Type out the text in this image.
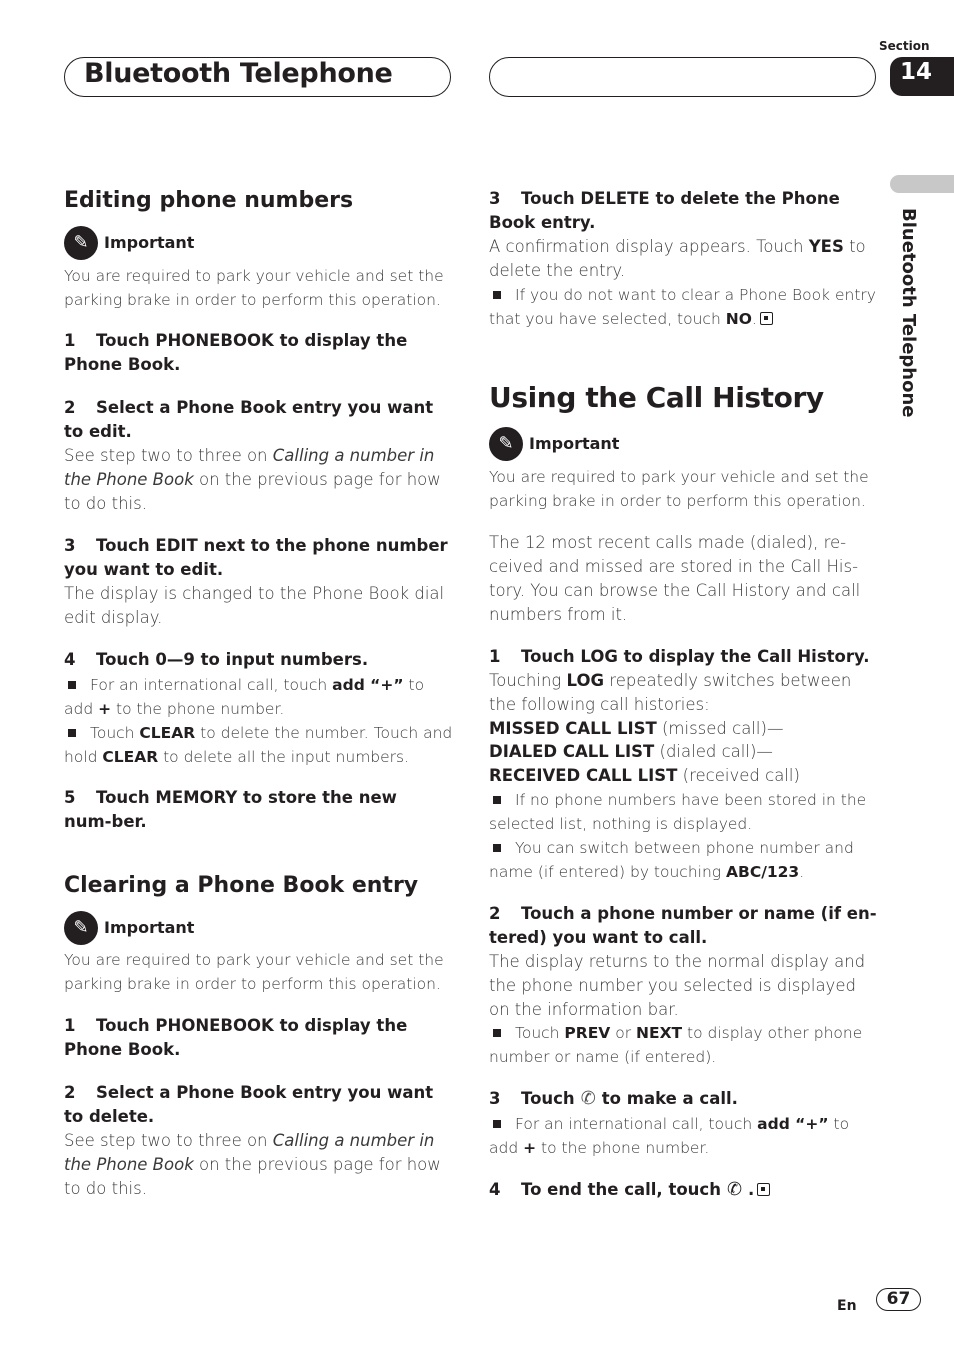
Bluetooth Telephone
Section
14
Bluetooth Telephone
Editing phone numbers
✎ Important

You are required to park your vehicle and set the parking brake in order to perform this operation.

1 Touch PHONEBOOK to display the Phone Book.

2 Select a Phone Book entry you want to edit.

See step two to three on Calling a number in the Phone Book on the previous page for how to do this.

3 Touch EDIT next to the phone number you want to edit.

The display is changed to the Phone Book dial edit display.

4 Touch 0—9 to input numbers.

For an international call, touch add “+” to add + to the phone number.

Touch CLEAR to delete the number. Touch and hold CLEAR to delete all the input numbers.

5 Touch MEMORY to store the new num-ber.

Clearing a Phone Book entry
✎ Important

You are required to park your vehicle and set the parking brake in order to perform this operation.

1 Touch PHONEBOOK to display the Phone Book.

2 Select a Phone Book entry you want to delete.

See step two to three on Calling a number in the Phone Book on the previous page for how to do this.

3 Touch DELETE to delete the Phone Book entry.

A confirmation display appears. Touch YES to delete the entry.

If you do not want to clear a Phone Book entry that you have selected, touch NO.

Using the Call History
✎ Important

You are required to park your vehicle and set the parking brake in order to perform this operation.

The 12 most recent calls made (dialed), re-ceived and missed are stored in the Call His-tory. You can browse the Call History and call numbers from it.

1 Touch LOG to display the Call History.

Touching LOG repeatedly switches between the following call histories:

MISSED CALL LIST (missed call)—

DIALED CALL LIST (dialed call)—

RECEIVED CALL LIST (received call)

If no phone numbers have been stored in the selected list, nothing is displayed.

You can switch between phone number and name (if entered) by touching ABC/123.

2 Touch a phone number or name (if en-tered) you want to call.

The display returns to the normal display and the phone number you selected is displayed on the information bar.

Touch PREV or NEXT to display other phone number or name (if entered).

3 Touch ✆ to make a call.

For an international call, touch add “+” to add + to the phone number.

4 To end the call, touch ✆ .

En	67
